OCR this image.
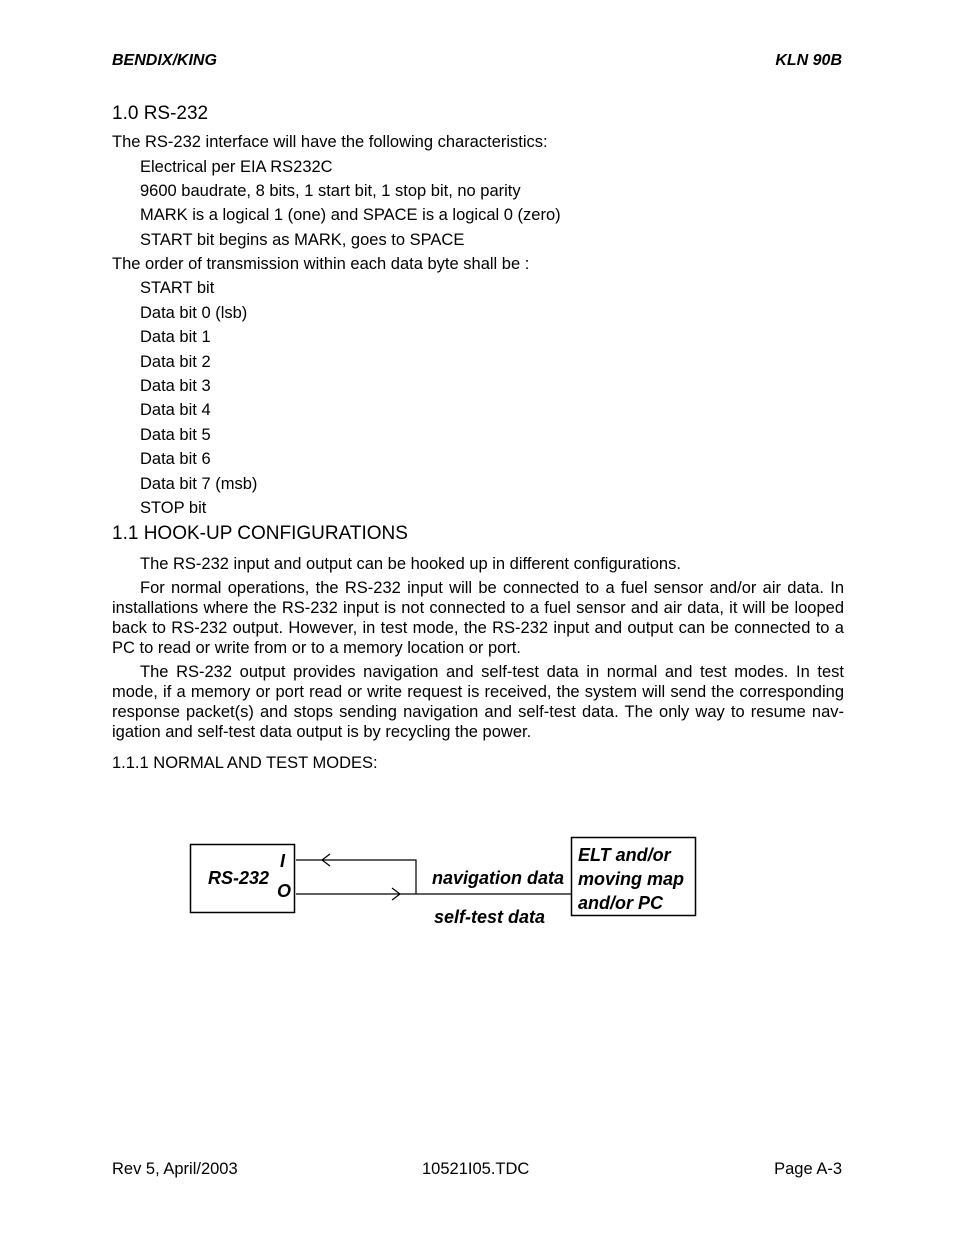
BENDIX/KING	KLN 90B
1.0 RS-232
The RS-232 interface will have the following characteristics:
Electrical per EIA RS232C
9600 baudrate, 8 bits, 1 start bit, 1 stop bit, no parity
MARK is a logical 1 (one) and SPACE is a logical 0 (zero)
START bit begins as MARK, goes to SPACE
The order of transmission within each data byte shall be :
START bit
Data bit 0 (lsb)
Data bit 1
Data bit 2
Data bit 3
Data bit 4
Data bit 5
Data bit 6
Data bit 7 (msb)
STOP bit
1.1 HOOK-UP CONFIGURATIONS
The RS-232 input and output can be hooked up in different configurations.
For normal operations, the RS-232 input will be connected to a fuel sensor and/or air data. In installations where the RS-232 input is not connected to a fuel sensor and air data, it will be looped back to RS-232 output. However, in test mode, the RS-232 input and output can be connected to a PC to read or write from or to a memory location or port.
The RS-232 output provides navigation and self-test data in normal and test modes. In test mode, if a memory or port read or write request is received, the system will send the corresponding response packet(s) and stops sending navigation and self-test data. The only way to resume nav-igation and self-test data output is by recycling the power.
1.1.1 NORMAL AND TEST MODES:
RS-232
I
O
navigation data
self-test data
ELT and/or
moving map
and/or PC
Rev 5, April/2003	10521I05.TDC	Page A-3
